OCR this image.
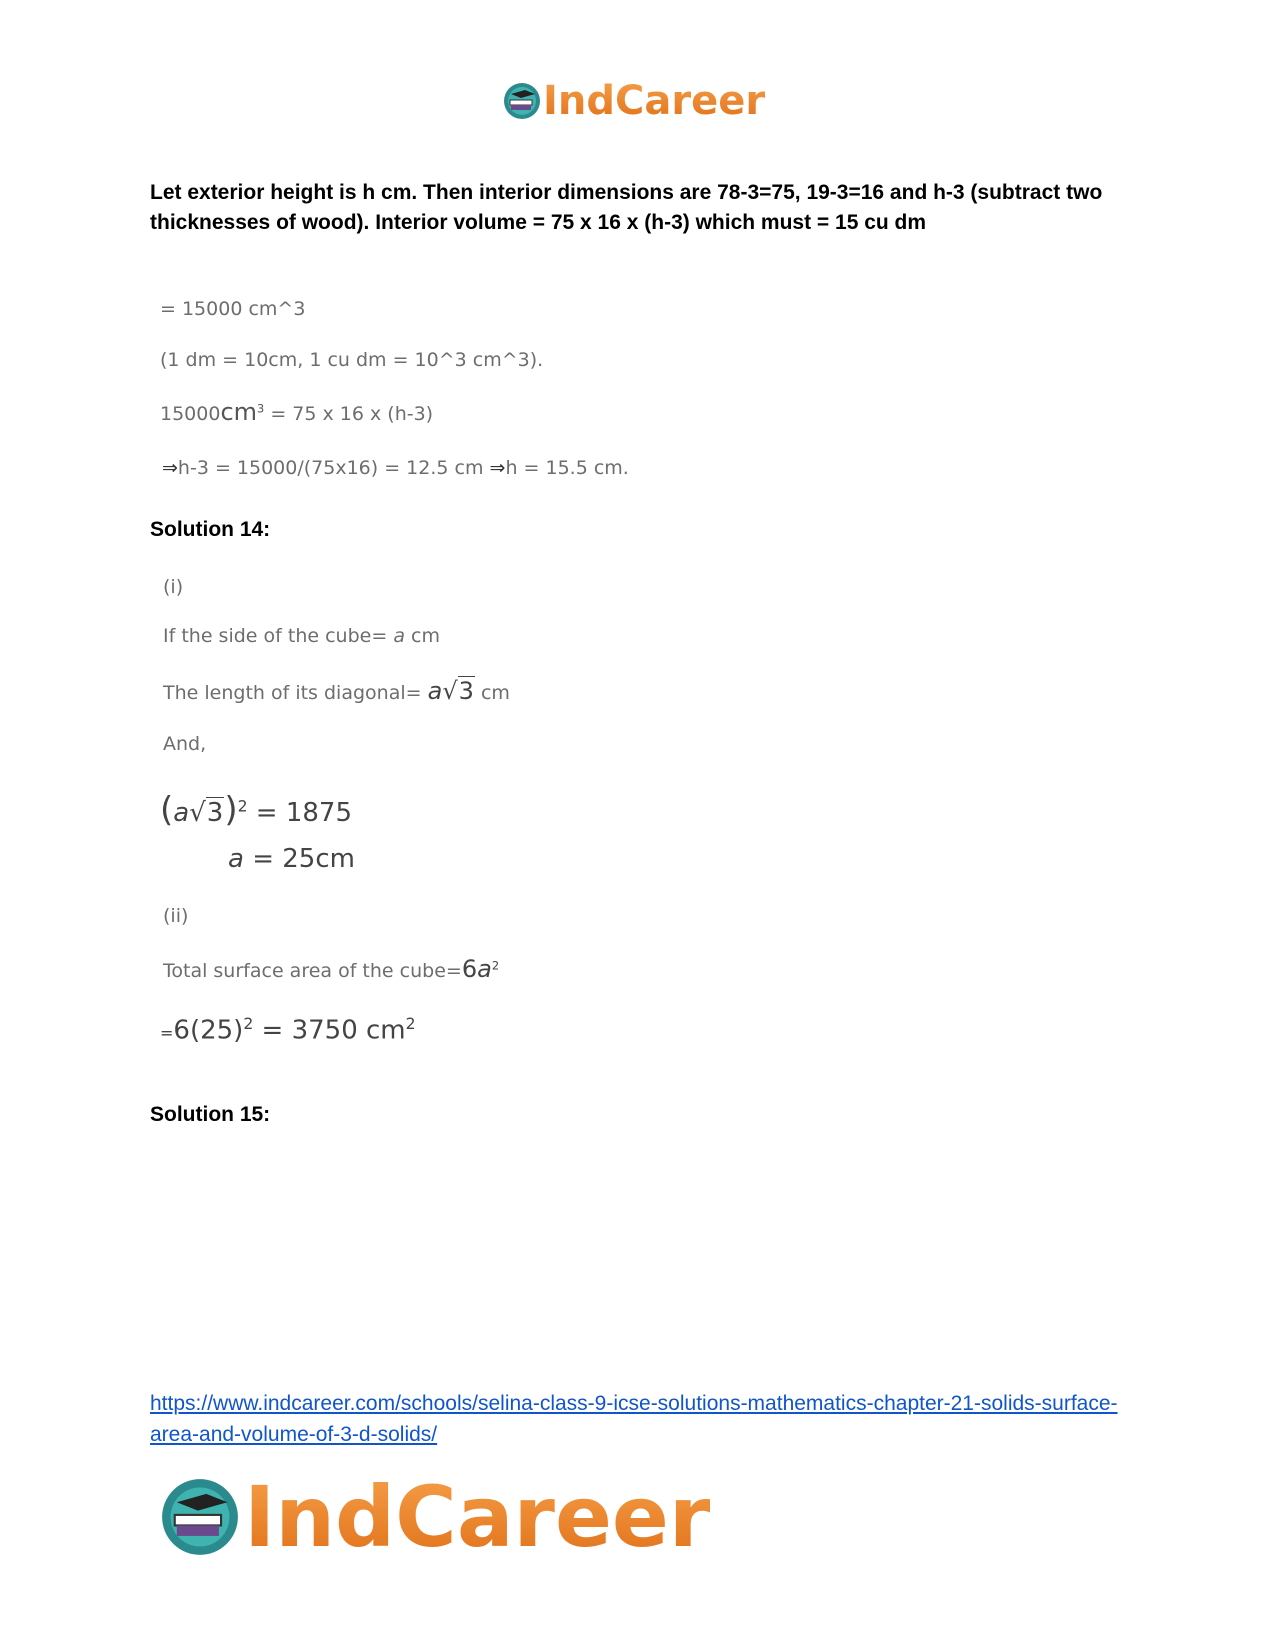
IndCareer
Let exterior height is h cm. Then interior dimensions are 78-3=75, 19-3=16 and h-3 (subtract two thicknesses of wood). Interior volume = 75 x 16 x (h-3) which must = 15 cu dm
= 15000 cm^3
(1 dm = 10cm, 1 cu dm = 10^3 cm^3).
$15000cm^3 = 75$ x 16 x (h-3)
⇒h-3 = 15000/(75x16) = 12.5 cm ⇒h = 15.5 cm.
Solution 14:
(i)
If the side of the cube= a cm
The length of its diagonal= a√3 cm
And,
$(a√3)^2 = 1875$
a = 25cm
(ii)
Total surface area of the $cube=6a^2$
$=6(25)^2 = 3750$ $cm^2$
Solution 15:
https://www.indcareer.com/schools/selina-class-9-icse-solutions-mathematics-chapter-21-solids-surface-area-and-volume-of-3-d-solids/
IndCareer
